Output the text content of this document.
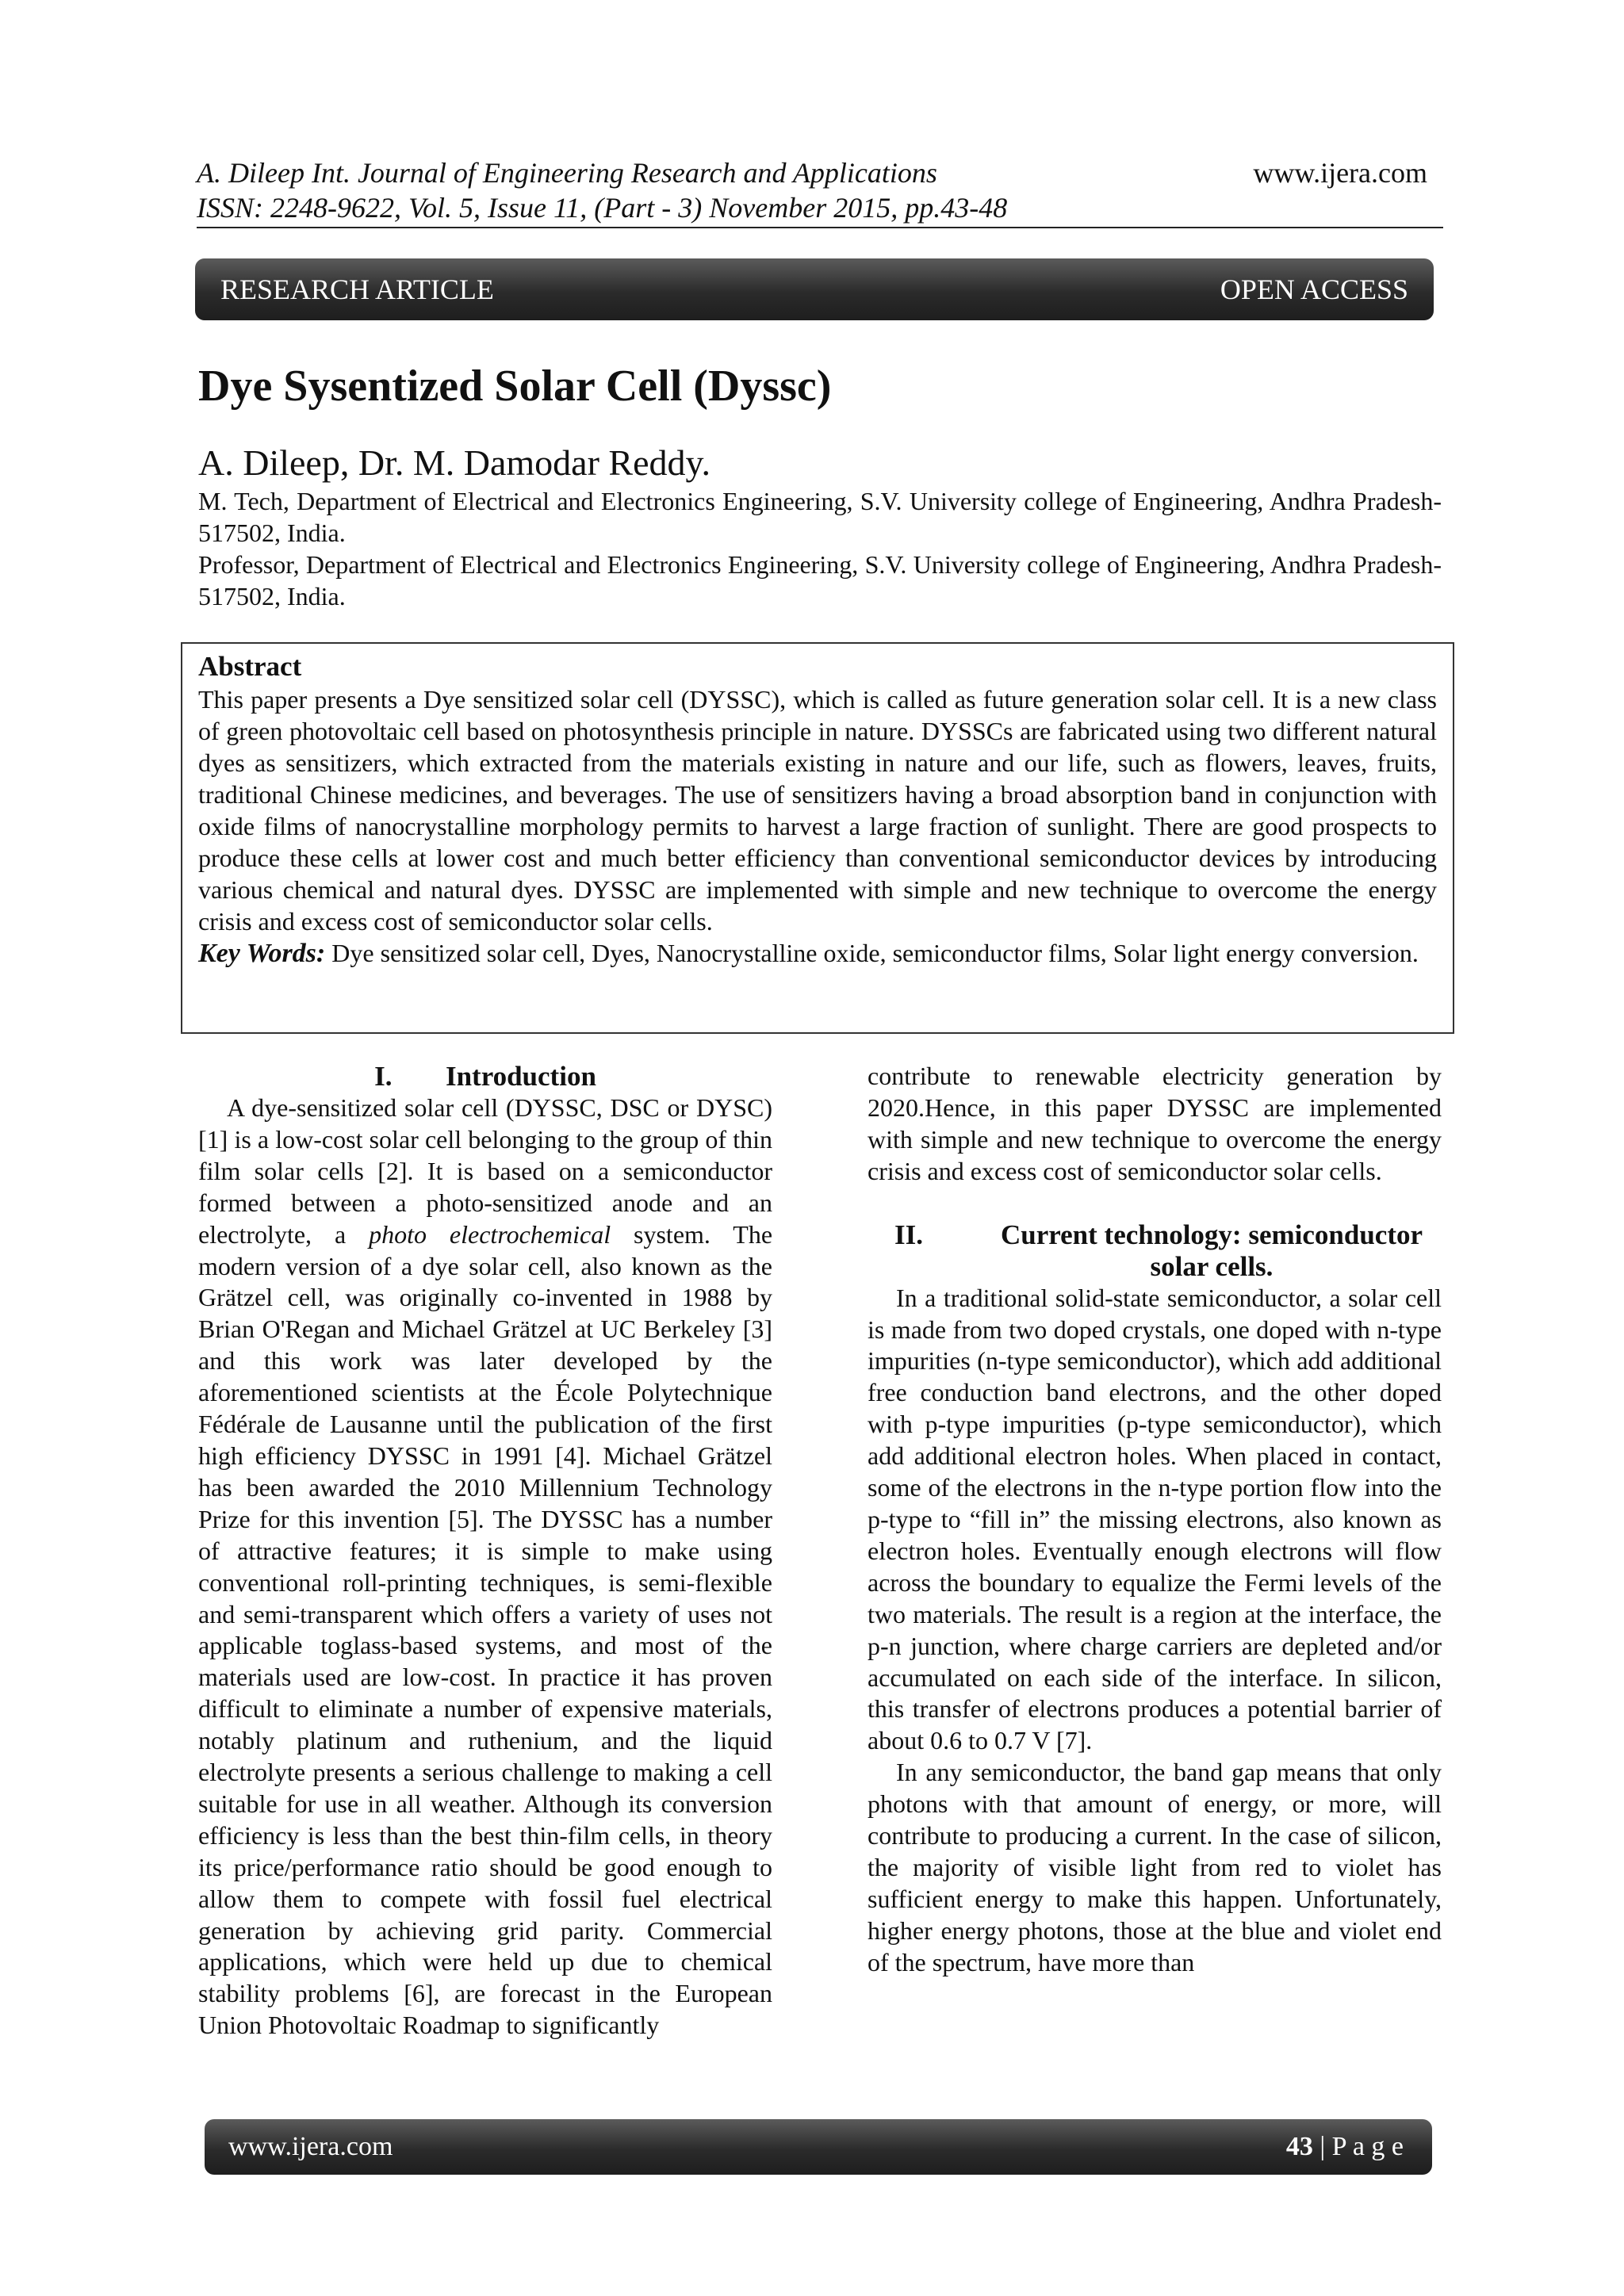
A. Dileep Int. Journal of Engineering Research and Applications
ISSN: 2248-9622, Vol. 5, Issue 11, (Part - 3) November 2015, pp.43-48
www.ijera.com
RESEARCH ARTICLE	OPEN ACCESS
Dye Sysentized Solar Cell (Dyssc)
A. Dileep, Dr. M. Damodar Reddy.
M. Tech, Department of Electrical and Electronics Engineering, S.V. University college of Engineering, Andhra Pradesh-517502, India.
Professor, Department of Electrical and Electronics Engineering, S.V. University college of Engineering, Andhra Pradesh-517502, India.
Abstract

This paper presents a Dye sensitized solar cell (DYSSC), which is called as future generation solar cell. It is a new class of green photovoltaic cell based on photosynthesis principle in nature. DYSSCs are fabricated using two different natural dyes as sensitizers, which extracted from the materials existing in nature and our life, such as flowers, leaves, fruits, traditional Chinese medicines, and beverages. The use of sensitizers having a broad absorption band in conjunction with oxide films of nanocrystalline morphology permits to harvest a large fraction of sunlight. There are good prospects to produce these cells at lower cost and much better efficiency than conventional semiconductor devices by introducing various chemical and natural dyes. DYSSC are implemented with simple and new technique to overcome the energy crisis and excess cost of semiconductor solar cells.

Key Words: Dye sensitized solar cell, Dyes, Nanocrystalline oxide, semiconductor films, Solar light energy conversion.

I. Introduction

A dye-sensitized solar cell (DYSSC, DSC or DYSC) [1] is a low-cost solar cell belonging to the group of thin film solar cells [2]. It is based on a semiconductor formed between a photo-sensitized anode and an electrolyte, a photo electrochemical system. The modern version of a dye solar cell, also known as the Grätzel cell, was originally co-invented in 1988 by Brian O'Regan and Michael Grätzel at UC Berkeley [3] and this work was later developed by the aforementioned scientists at the École Polytechnique Fédérale de Lausanne until the publication of the first high efficiency DYSSC in 1991 [4]. Michael Grätzel has been awarded the 2010 Millennium Technology Prize for this invention [5]. The DYSSC has a number of attractive features; it is simple to make using conventional roll-printing techniques, is semi-flexible and semi-transparent which offers a variety of uses not applicable toglass-based systems, and most of the materials used are low-cost. In practice it has proven difficult to eliminate a number of expensive materials, notably platinum and ruthenium, and the liquid electrolyte presents a serious challenge to making a cell suitable for use in all weather. Although its conversion efficiency is less than the best thin-film cells, in theory its price/performance ratio should be good enough to allow them to compete with fossil fuel electrical generation by achieving grid parity. Commercial applications, which were held up due to chemical stability problems [6], are forecast in the European Union Photovoltaic Roadmap to significantly

contribute to renewable electricity generation by 2020.Hence, in this paper DYSSC are implemented with simple and new technique to overcome the energy crisis and excess cost of semiconductor solar cells.

II.	Current technology: semiconductor solar cells.

In a traditional solid-state semiconductor, a solar cell is made from two doped crystals, one doped with n-type impurities (n-type semiconductor), which add additional free conduction band electrons, and the other doped with p-type impurities (p-type semiconductor), which add additional electron holes. When placed in contact, some of the electrons in the n-type portion flow into the p-type to “fill in” the missing electrons, also known as electron holes. Eventually enough electrons will flow across the boundary to equalize the Fermi levels of the two materials. The result is a region at the interface, the p-n junction, where charge carriers are depleted and/or accumulated on each side of the interface. In silicon, this transfer of electrons produces a potential barrier of about 0.6 to 0.7 V [7].

In any semiconductor, the band gap means that only photons with that amount of energy, or more, will contribute to producing a current. In the case of silicon, the majority of visible light from red to violet has sufficient energy to make this happen. Unfortunately, higher energy photons, those at the blue and violet end of the spectrum, have more than

www.ijera.com	43 | P a g e
